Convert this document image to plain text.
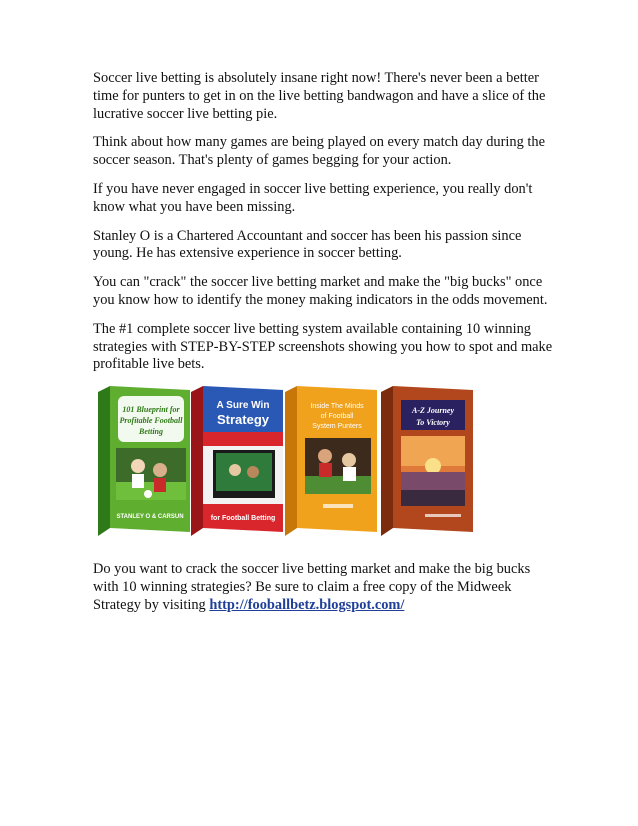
Soccer live betting is absolutely insane right now! There's never been a better time for punters to get in on the live betting bandwagon and have a slice of the lucrative soccer live betting pie.

Think about how many games are being played on every match day during the soccer season. That's plenty of games begging for your action.

If you have never engaged in soccer live betting experience, you really don't know what you have been missing.

Stanley O is a Chartered Accountant and soccer has been his passion since young. He has extensive experience in soccer betting.

You can "crack" the soccer live betting market and make the "big bucks" once you know how to identify the money making indicators in the odds movement.

The #1 complete soccer live betting system available containing 10 winning strategies with STEP-BY-STEP screenshots showing you how to spot and make profitable live bets.

101 Blueprint for
Profitable Football
Betting
STANLEY O & CARSUN
A Sure Win
Strategy
for Football Betting
Inside The Minds
of Football
System Punters
A-Z Journey
To Victory

Do you want to crack the soccer live betting market and make the big bucks with 10 winning strategies? Be sure to claim a free copy of the Midweek Strategy by visiting http://fooballbetz.blogspot.com/
